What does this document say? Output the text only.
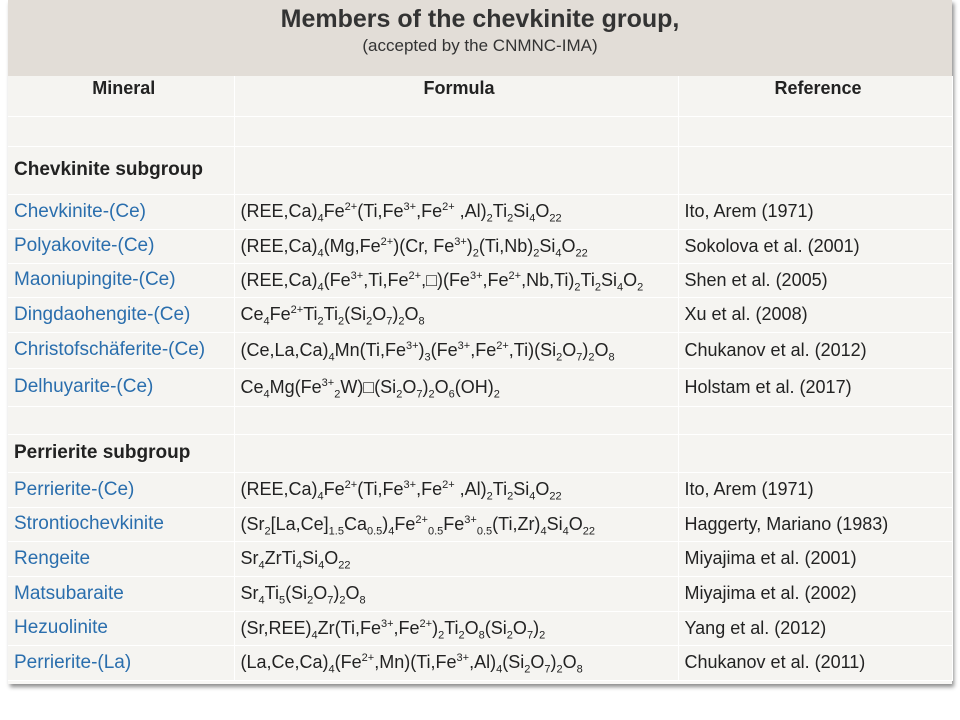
Members of the chevkinite group,
(accepted by the CNMNC-IMA)
Mineral	Formula	Reference

Chevkinite subgroup		
Chevkinite-(Ce)	$(REE,Ca)_4Fe^{2+}(Ti,Fe^{3+},Fe^{2+}$ $,Al)_2Ti_2Si_4O_{22}$	Ito, Arem (1971)
Polyakovite-(Ce)	$(REE,Ca)_4(Mg,Fe^{2+})(Cr$, $Fe^{3+})_2(Ti,Nb)_2Si_4O_{22}$	Sokolova et al. (2001)
Maoniupingite-(Ce)	$(REE,Ca)_4(Fe^{3+},Ti,Fe^{2+},□)(Fe^{3+},Fe^{2+},Nb,Ti)_2Ti_2Si_4O_2$	Shen et al. (2005)
Dingdaohengite-(Ce)	$Ce_4Fe^{2+}Ti_2Ti_2(Si_2O_7)_2O_8$	Xu et al. (2008)
Christofschäferite-(Ce)	$(Ce,La,Ca)_4Mn(Ti,Fe^{3+})_3(Fe^{3+},Fe^{2+},Ti)(Si_2O_7)_2O_8$	Chukanov et al. (2012)
Delhuyarite-(Ce)	$Ce_4Mg(Fe^{3+}_2W)□(Si_2O_7)_2O_6(OH)_2$	Holstam et al. (2017)

Perrierite subgroup		
Perrierite-(Ce)	$(REE,Ca)_4Fe^{2+}(Ti,Fe^{3+},Fe^{2+}$ $,Al)_2Ti_2Si_4O_{22}$	Ito, Arem (1971)
Strontiochevkinite	$(Sr_2[La,Ce]_{1.5}Ca_{0.5})_4Fe^{2+}_{0.5}Fe^{3+}_{0.5}(Ti,Zr)_4Si_4O_{22}$	Haggerty, Mariano (1983)
Rengeite	$Sr_4ZrTi_4Si_4O_{22}$	Miyajima et al. (2001)
Matsubaraite	$Sr_4Ti_5(Si_2O_7)_2O_8$	Miyajima et al. (2002)
Hezuolinite	$(Sr,REE)_4Zr(Ti,Fe^{3+},Fe^{2+})_2Ti_2O_8(Si_2O_7)_2$	Yang et al. (2012)
Perrierite-(La)	$(La,Ce,Ca)_4(Fe^{2+},Mn)(Ti,Fe^{3+},Al)_4(Si_2O_7)_2O_8$	Chukanov et al. (2011)
